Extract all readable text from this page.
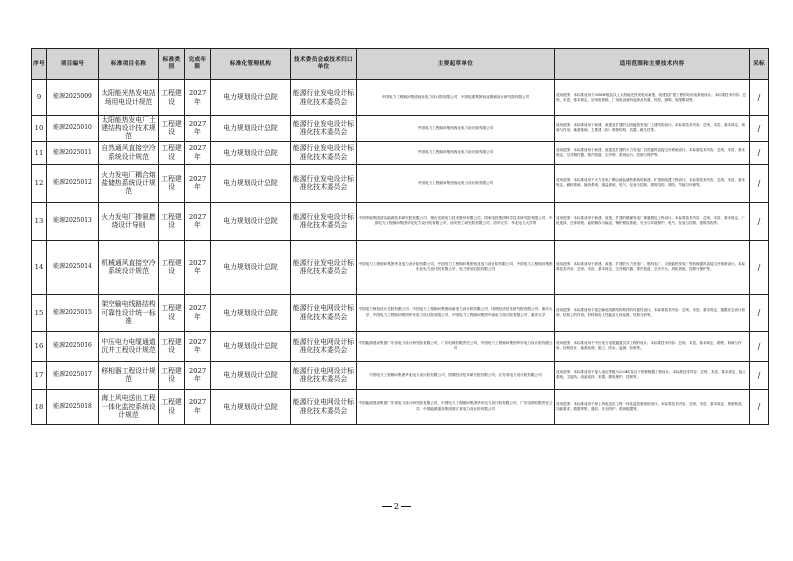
序号	项目编号	标准项目名称	标准类别	完成年限	标准化管理机构	技术委员会或技术归口单位	主要起草单位	适用范围和主要技术内容	采标
9	能源2025009	太阳能光热发电站场用电设计规范	工程建设	2027年	电力规划设计总院	能源行业发电设计标准化技术委员会	中国电力工程顾问集团西北电力设计院有限公司、中国电建集团西北勘测设计研究院有限公司	适用范围：本标准适用于50MW级及以上太阳能光热发电站新建、改建及扩建工程的站用电系统设计。本标准技术内容：总则、术语、基本规定、站用电系统、厂用电设备的选择及布置、热控、照明、电缆敷设等。	/
10	能源2025010	太阳能热发电厂土建结构设计技术规范	工程建设	2027年	电力规划设计总院	能源行业发电设计标准化技术委员会	中国电力工程顾问集团西北电力设计院有限公司	适用范围：本标准适用于新建、改建及扩建的太阳能热发电厂土建结构设计。本标准技术内容：总则、术语、基本规定、荷载与作用、地基基础、主要建（构）筑物结构、抗震、耐久性等。	/
11	能源2025011	自然通风直接空冷系统设计规范	工程建设	2027年	电力规划设计总院	能源行业发电设计标准化技术委员会	中国电力工程顾问集团西北电力设计院有限公司	适用范围：本标准适用于新建、改建及扩建的火力发电厂自然通风直接空冷系统设计。本标准技术内容：总则、术语、基本规定、空冷凝汽器、排汽管道、空冷塔、系统运行、控制与保护等。	/
12	能源2025012	火力发电厂耦合熔盐储热系统设计规范	工程建设	2027年	电力规划设计总院	能源行业发电设计标准化技术委员会	中国电力工程顾问集团西北电力设计院有限公司	适用范围：本标准适用于火力发电厂耦合熔盐储热系统的新建、扩建和改建工程设计。本标准技术内容：总则、术语、基本规定、储热系统、换热系统、熔盐系统、电气、仪表与控制、建筑结构、消防、节能与环保等。	/
13	能源2025013	火力发电厂掺氨燃烧设计导则	工程建设	2027年	电力规划设计总院	能源行业发电设计标准化技术委员会	中国华能集团清洁能源技术研究院有限公司、烟台龙源电力技术股份有限公司、国家电投集团科学技术研究院有限公司、中国电力工程顾问集团华北电力设计院有限公司、西安热工研究院有限公司、清华大学、华北电力大学等	适用范围：本标准适用于新建、改建、扩建的燃煤发电厂掺氨燃烧工程设计。本标准技术内容：总则、术语、基本规定、厂址选择、总体规划、氨的储存与输送、锅炉燃烧系统、安全与环境保护、电气、仪表与控制、建筑结构等。	/
14	能源2025014	机械通风直接空冷系统设计规范	工程建设	2027年	电力规划设计总院	能源行业发电设计标准化技术委员会	中国电力工程顾问集团华北电力设计院有限公司、中国电力工程顾问集团西北电力设计院有限公司、中国电力工程顾问集团东北电力设计院有限公司、电力规划总院有限公司	适用范围：本标准适用于新建、改建、扩建的火力发电厂、燃机电厂、太阳能热发电厂等机械通风直接空冷系统设计。本标准技术内容：总则、术语、基本规定、空冷凝汽器、排汽管道、空冷平台、风机系统、控制与保护等。	/
15	能源2025015	架空输电线路结构可靠性设计统一标准	工程建设	2027年	电力规划设计总院	能源行业电网设计标准化技术委员会	中国电力规划设计总院有限公司、中国电力工程顾问集团西南电力设计院有限公司、国网经济技术研究院有限公司、重庆大学、中国电力工程顾问集团华东电力设计院有限公司、中国电力工程顾问集团中南电力设计院有限公司、重庆大学	适用范围：本标准适用于架空输电线路结构构件的可靠性设计。本标准技术内容：总则、术语、基本规定、极限状态设计原则、结构上的作用、材料和岩土性能及几何参数、结构分析等。	/
16	能源2025016	中压电力电缆通道沉井工程设计规范	工程建设	2027年	电力规划设计总院	能源行业电网设计标准化技术委员会	中国能源建设集团广东省电力设计研究院有限公司、广东电网有限责任公司、中国电力工程顾问集团华东电力设计院有限公司	适用范围：本标准适用于中压电力电缆通道沉井工程的设计。本标准技术内容：总则、术语、基本规定、勘察、荷载与作用、结构设计、地基处理、施工、防水、监测、验收等。	/
17	能源2025017	移相器工程设计规范	工程建设	2027年	电力规划设计总院	能源行业电网设计标准化技术委员会	中国电力工程顾问集团华北电力设计院有限公司、国网经济技术研究院有限公司、江苏省电力设计院有限公司	适用范围：本标准适用于接入电压等级为220kV及以下的移相器工程设计。本标准技术内容：总则、术语、基本规定、接入系统、主接线、设备选择、布置、继电保护、控制等。	/
18	能源2025018	海上风电送出工程一体化监控系统设计规范	工程建设	2027年	电力规划设计总院	能源行业电网设计标准化技术委员会	中国能源建设集团广东省电力设计研究院有限公司、中国电力工程顾问集团华东电力设计院有限公司、广东电网有限责任公司、中国能源建设集团浙江省电力设计院有限公司	适用范围：本标准适用于海上风电送出工程一体化监控系统的设计。本标准技术内容：总则、术语、基本规定、系统构成、功能要求、数据采集、通信、安全防护、系统配置等。	/
2
